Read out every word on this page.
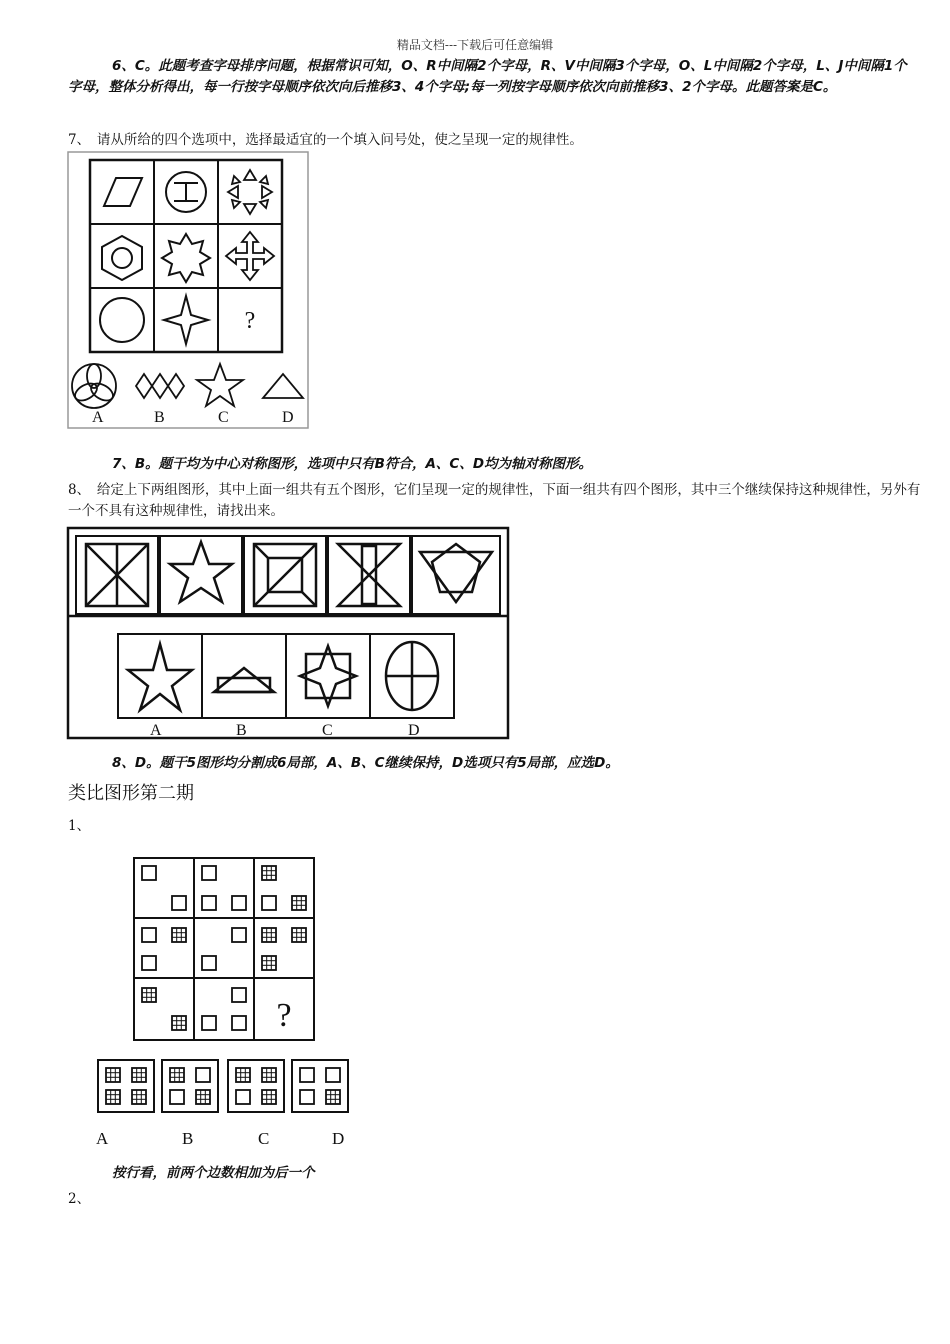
精品文档---下载后可任意编辑
6、C。此题考查字母排序问题，根据常识可知，O、R中间隔2个字母，R、V中间隔3个字母，O、L中间隔2个字母，L、J中间隔1个字母，整体分析得出，每一行按字母顺序依次向后推移3、4个字母;每一列按字母顺序依次向前推移3、2个字母。此题答案是C。
7、　请从所给的四个选项中，选择最适宜的一个填入问号处，使之呈现一定的规律性。
?
A	B	C	D
7、B。题干均为中心对称图形，选项中只有B符合，A、C、D均为轴对称图形。
8、　给定上下两组图形，其中上面一组共有五个图形，它们呈现一定的规律性，下面一组共有四个图形，其中三个继续保持这种规律性，另外有一个不具有这种规律性，请找出来。
A	B	C	D
8、D。题干5图形均分割成6局部，A、B、C继续保持，D选项只有5局部，应选D。
类比图形第二期
1、
?
A	B	C	D
按行看，前两个边数相加为后一个
2、
